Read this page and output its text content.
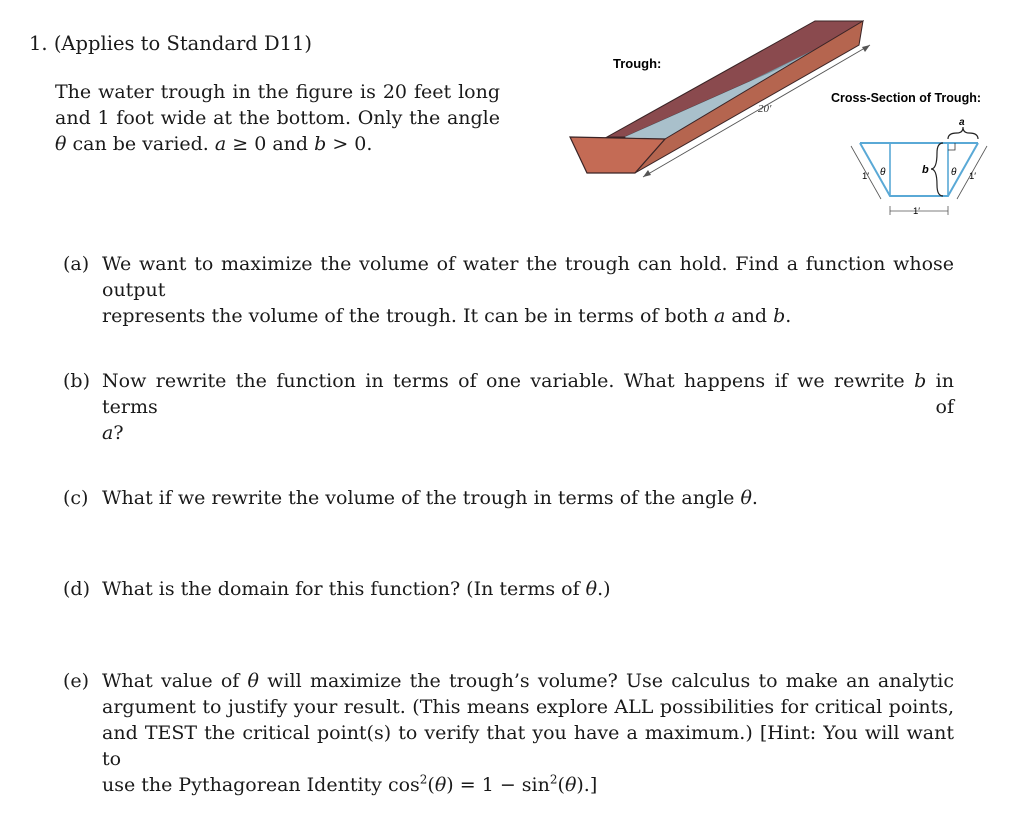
1. (Applies to Standard D11)
The water trough in the figure is 20 feet long
and 1 foot wide at the bottom. Only the angle
θ can be varied. a ≥ 0 and b > 0.
Trough:
20′
Cross-Section of Trough:
a
b
θ	θ
1′	1′
1′
(a) We want to maximize the volume of water the trough can hold. Find a function whose output
represents the volume of the trough. It can be in terms of both a and b.
(b) Now rewrite the function in terms of one variable. What happens if we rewrite b in terms of
a?
(c) What if we rewrite the volume of the trough in terms of the angle θ.
(d) What is the domain for this function? (In terms of θ.)
(e) What value of θ will maximize the trough’s volume? Use calculus to make an analytic
argument to justify your result. (This means explore ALL possibilities for critical points,
and TEST the critical point(s) to verify that you have a maximum.) [Hint: You will want to
use the Pythagorean Identity $\cos^2(\theta) = 1 - \sin^2(\theta)$.]
